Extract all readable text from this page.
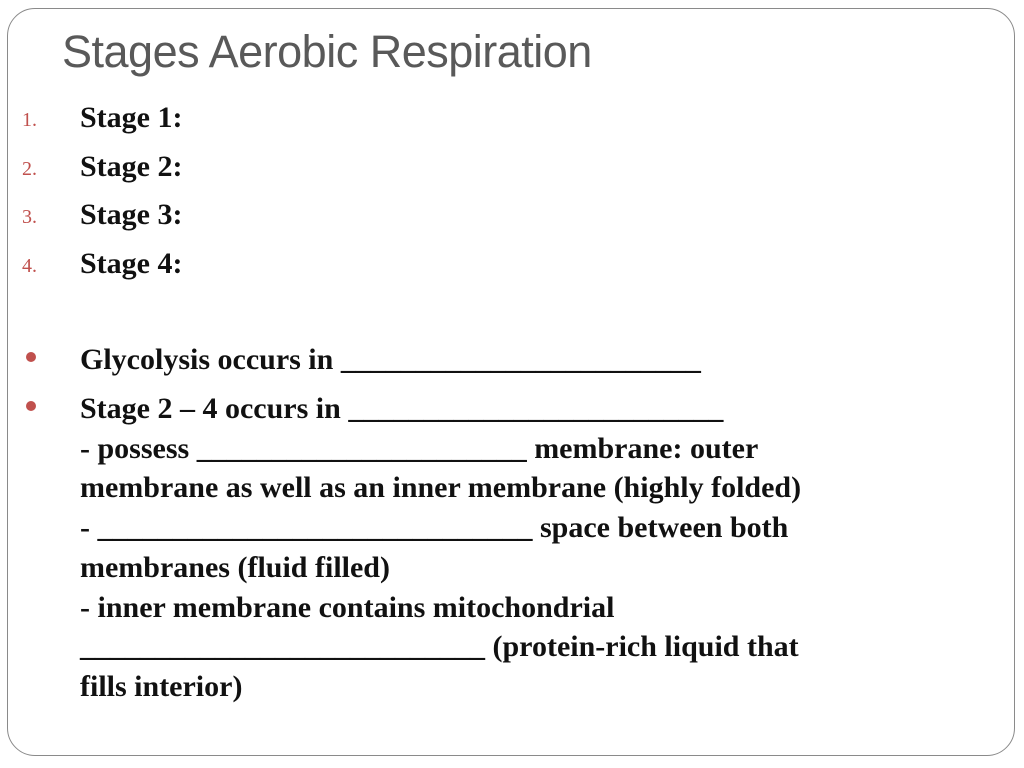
Stages Aerobic Respiration
1. Stage 1:
2. Stage 2:
3. Stage 3:
4. Stage 4:
Glycolysis occurs in ________________________
Stage 2 – 4 occurs in _________________________
- possess ______________________ membrane: outer
membrane as well as an inner membrane (highly folded)
- _____________________________ space between both
membranes (fluid filled)
- inner membrane contains mitochondrial
___________________________ (protein-rich liquid that
fills interior)
